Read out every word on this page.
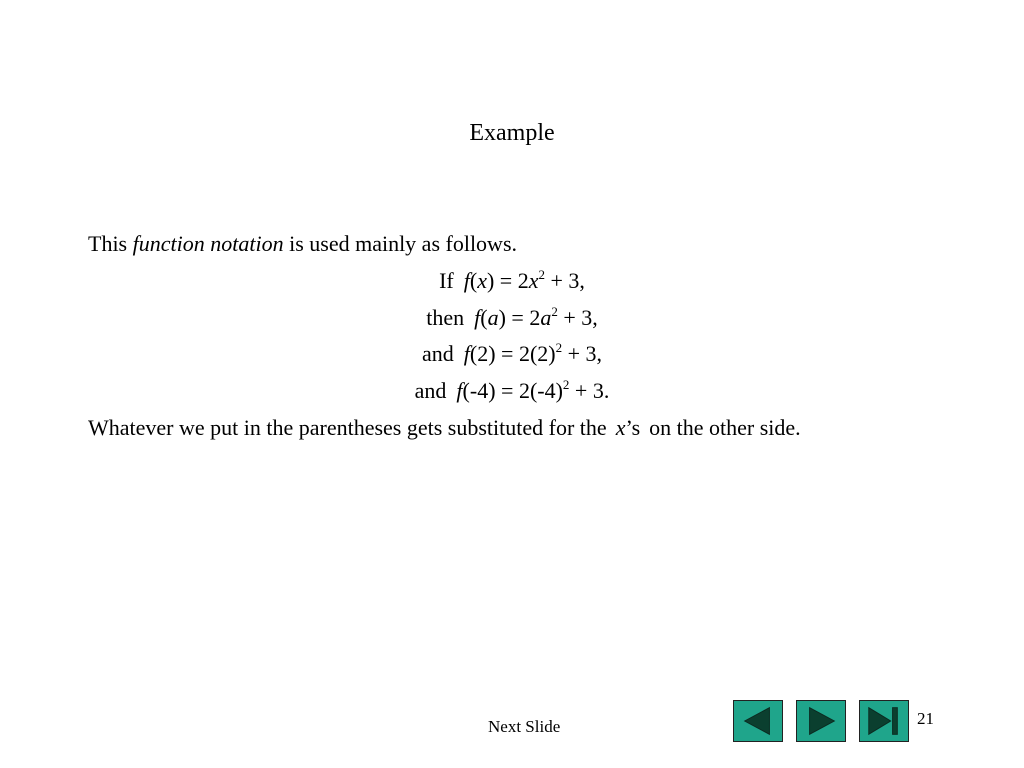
Example
This function notation is used mainly as follows.
If $f(x) = 2x^2 + 3$,
then $f(a) = 2a^2 + 3$,
and $f(2) = 2(2)^2 + 3$,
and $f(-4) = 2(-4)^2 + 3$.
Whatever we put in the parentheses gets substituted for the x’s on the other side.
Next Slide	21
